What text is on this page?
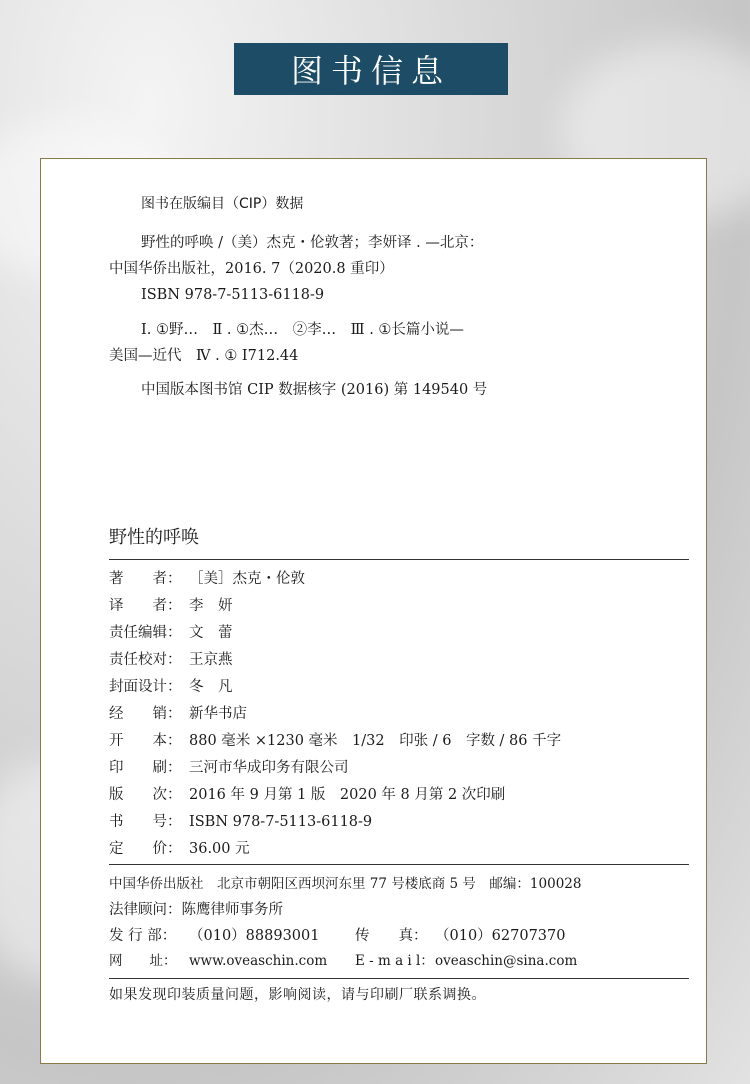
图书信息
图书在版编目（CIP）数据
野性的呼唤 /（美）杰克・伦敦著；李妍译 . —北京：
中国华侨出版社，2016. 7（2020.8 重印）
ISBN 978-7-5113-6118-9
I. ①野…　Ⅱ . ①杰…　②李…　Ⅲ . ①长篇小说—
美国—近代　Ⅳ . ① I712.44
中国版本图书馆 CIP 数据核字 (2016) 第 149540 号
野性的呼唤
著　　者： ［美］杰克・伦敦
译　　者： 李　妍
责任编辑： 文　蕾
责任校对： 王京燕
封面设计： 冬　凡
经　　销： 新华书店
开　　本： 880 毫米 ×1230 毫米　1/32　印张 / 6　字数 / 86 千字
印　　刷： 三河市华成印务有限公司
版　　次： 2016 年 9 月第 1 版　2020 年 8 月第 2 次印刷
书　　号： ISBN 978-7-5113-6118-9
定　　价： 36.00 元
中国华侨出版社　北京市朝阳区西坝河东里 77 号楼底商 5 号　邮编：100028
法律顾问：陈鹰律师事务所
发 行 部： （010）88893001 传　　真： （010）62707370
网　　址： www.oveaschin.com E - m a i l：oveaschin@sina.com
如果发现印装质量问题，影响阅读，请与印刷厂联系调换。
